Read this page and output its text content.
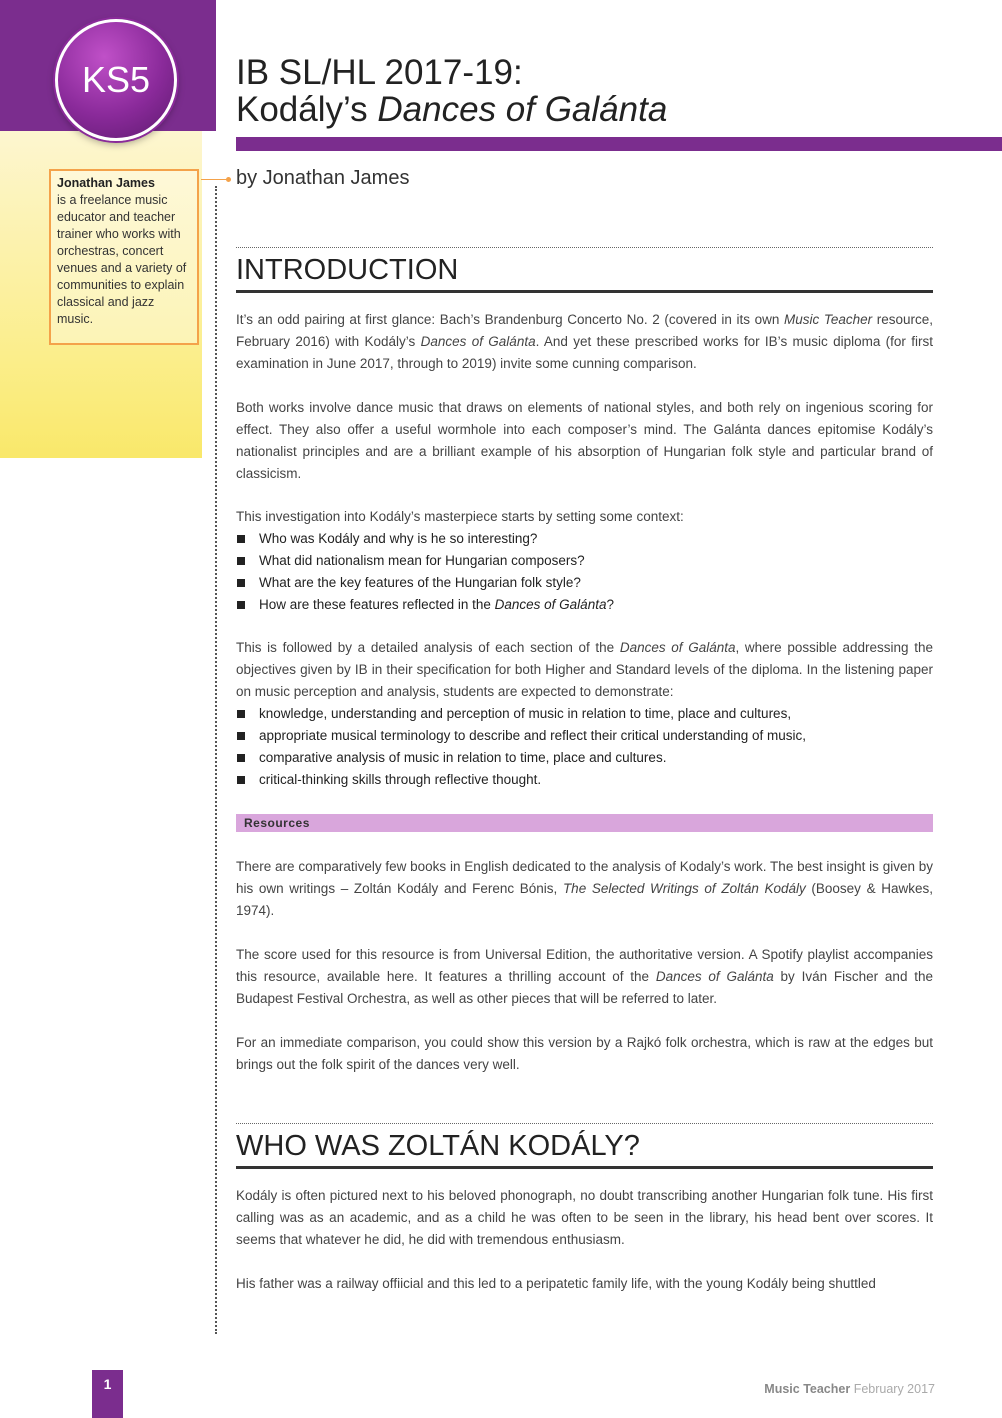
KS5 IB SL/HL 2017-19:
Kodály’s Dances of Galánta
Jonathan James
is a freelance music educator and teacher trainer who works with orchestras, concert venues and a variety of communities to explain classical and jazz music.
by Jonathan James
INTRODUCTION

It’s an odd pairing at first glance: Bach’s Brandenburg Concerto No. 2 (covered in its own Music Teacher resource, February 2016) with Kodály’s Dances of Galánta. And yet these prescribed works for IB’s music diploma (for first examination in June 2017, through to 2019) invite some cunning comparison.

Both works involve dance music that draws on elements of national styles, and both rely on ingenious scoring for effect. They also offer a useful wormhole into each composer’s mind. The Galánta dances epitomise Kodály’s nationalist principles and are a brilliant example of his absorption of Hungarian folk style and particular brand of classicism.

This investigation into Kodály’s masterpiece starts by setting some context:

Who was Kodály and why is he so interesting?
What did nationalism mean for Hungarian composers?
What are the key features of the Hungarian folk style?
How are these features reflected in the Dances of Galánta?

This is followed by a detailed analysis of each section of the Dances of Galánta, where possible addressing the objectives given by IB in their specification for both Higher and Standard levels of the diploma. In the listening paper on music perception and analysis, students are expected to demonstrate:

knowledge, understanding and perception of music in relation to time, place and cultures,
appropriate musical terminology to describe and reflect their critical understanding of music,
comparative analysis of music in relation to time, place and cultures.
critical-thinking skills through reflective thought.
Resources

There are comparatively few books in English dedicated to the analysis of Kodaly’s work. The best insight is given by his own writings – Zoltán Kodály and Ferenc Bónis, The Selected Writings of Zoltán Kodály (Boosey & Hawkes, 1974).

The score used for this resource is from Universal Edition, the authoritative version. A Spotify playlist accompanies this resource, available here. It features a thrilling account of the Dances of Galánta by Iván Fischer and the Budapest Festival Orchestra, as well as other pieces that will be referred to later.

For an immediate comparison, you could show this version by a Rajkó folk orchestra, which is raw at the edges but brings out the folk spirit of the dances very well.

WHO WAS ZOLTÁN KODÁLY?

Kodály is often pictured next to his beloved phonograph, no doubt transcribing another Hungarian folk tune. His first calling was as an academic, and as a child he was often to be seen in the library, his head bent over scores. It seems that whatever he did, he did with tremendous enthusiasm.

His father was a railway offiicial and this led to a peripatetic family life, with the young Kodály being shuttled

1	Music Teacher February 2017
